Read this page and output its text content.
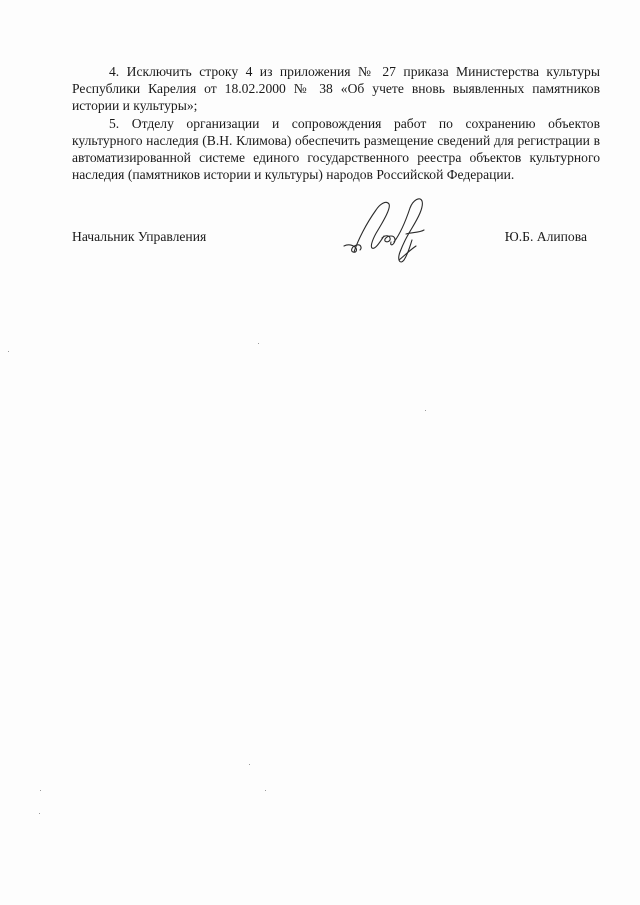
4. Исключить строку 4 из приложения № 27 приказа Министерства культуры Республики Карелия от 18.02.2000 № 38 «Об учете вновь выявленных памятников истории и культуры»;

5. Отделу организации и сопровождения работ по сохранению объектов культурного наследия (В.Н. Климова) обеспечить размещение сведений для регистрации в автоматизированной системе единого государственного реестра объектов культурного наследия (памятников истории и культуры) народов Российской Федерации.

Начальник Управления	Ю.Б. Алипова
